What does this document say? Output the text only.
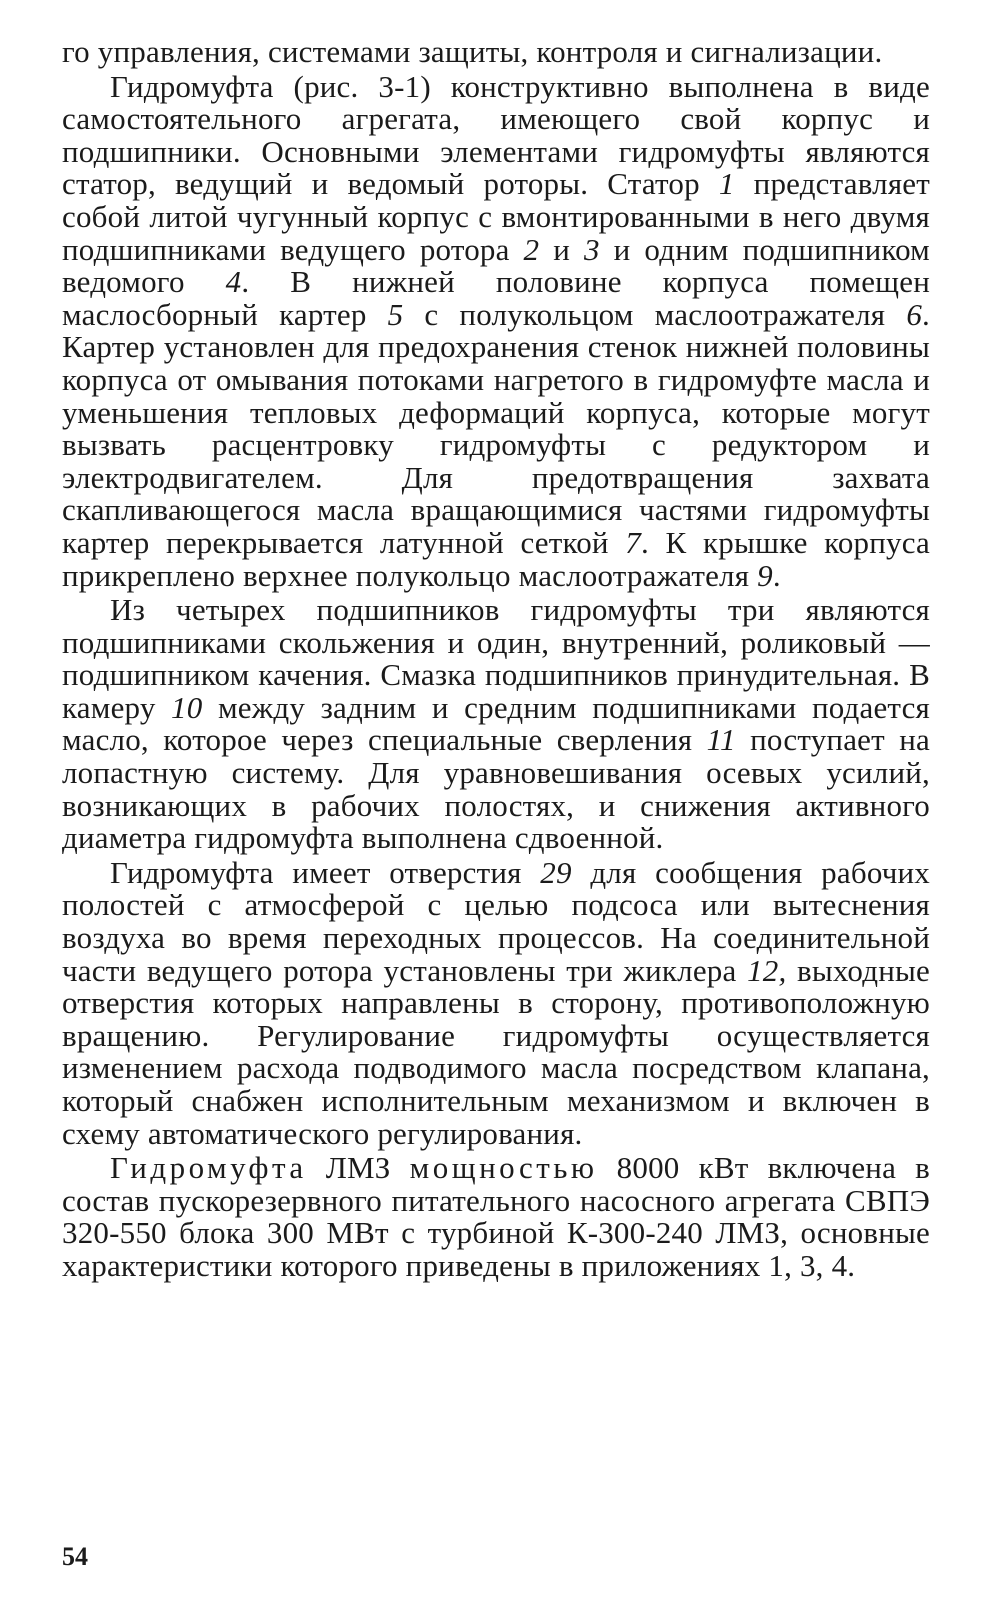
го управления, системами защиты, контроля и сигнализации.

Гидромуфта (рис. 3-1) конструктивно выполнена в виде самостоятельного агрегата, имеющего свой корпус и подшипники. Основными элементами гидромуфты являются статор, ведущий и ведомый роторы. Статор 1 представляет собой литой чугунный корпус с вмонтированными в него двумя подшипниками ведущего ротора 2 и 3 и одним подшипником ведомого 4. В нижней половине корпуса помещен маслосборный картер 5 с полукольцом маслоотражателя 6. Картер установлен для предохранения стенок нижней половины корпуса от омывания потоками нагретого в гидромуфте масла и уменьшения тепловых деформаций корпуса, которые могут вызвать расцентровку гидромуфты с редуктором и электродвигателем. Для предотвращения захвата скапливающегося масла вращающимися частями гидромуфты картер перекрывается латунной сеткой 7. К крышке корпуса прикреплено верхнее полукольцо маслоотражателя 9.

Из четырех подшипников гидромуфты три являются подшипниками скольжения и один, внутренний, роликовый — подшипником качения. Смазка подшипников принудительная. В камеру 10 между задним и средним подшипниками подается масло, которое через специальные сверления 11 поступает на лопастную систему. Для уравновешивания осевых усилий, возникающих в рабочих полостях, и снижения активного диаметра гидромуфта выполнена сдвоенной.

Гидромуфта имеет отверстия 29 для сообщения рабочих полостей с атмосферой с целью подсоса или вытеснения воздуха во время переходных процессов. На соединительной части ведущего ротора установлены три жиклера 12, выходные отверстия которых направлены в сторону, противоположную вращению. Регулирование гидромуфты осуществляется изменением расхода подводимого масла посредством клапана, который снабжен исполнительным механизмом и включен в схему автоматического регулирования.

Гидромуфта ЛМЗ мощностью 8000 кВт включена в состав пускорезервного питательного насосного агрегата СВПЭ 320-550 блока 300 МВт с турбиной К-300-240 ЛМЗ, основные характеристики которого приведены в приложениях 1, 3, 4.

54
